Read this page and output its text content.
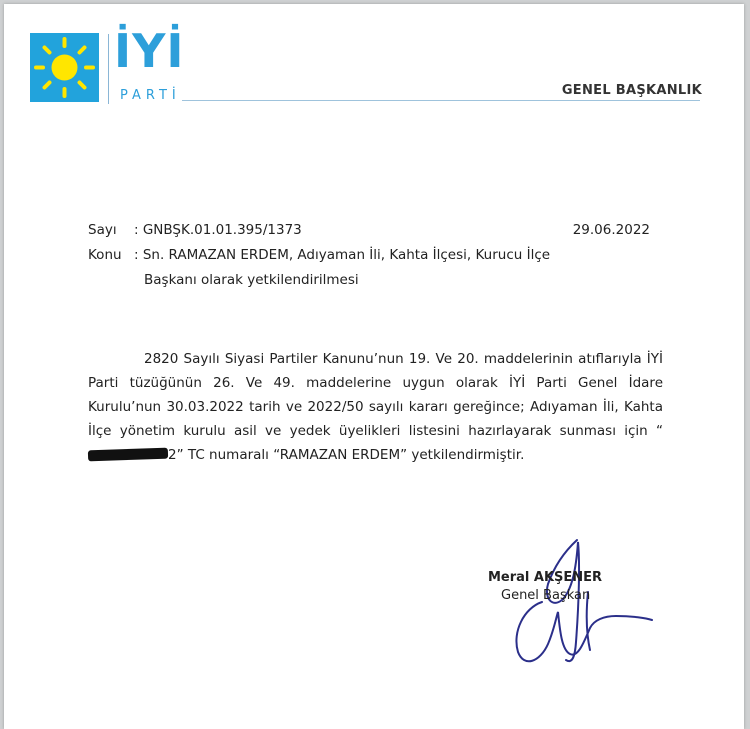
İYİ
PARTİ	GENEL BAŞKANLIK
Sayı : GNBŞK.01.01.395/1373	29.06.2022
Konu : Sn. RAMAZAN ERDEM, Adıyaman İli, Kahta İlçesi, Kurucu İlçe
Başkanı olarak yetkilendirilmesi

2820 Sayılı Siyasi Partiler Kanunu’nun 19. Ve 20. maddelerinin atıflarıyla İYİ Parti tüzüğünün 26. Ve 49. maddelerine uygun olarak İYİ Parti Genel İdare Kurulu’nun 30.03.2022 tarih ve 2022/50 sayılı kararı gereğince; Adıyaman İli, Kahta İlçe yönetim kurulu asil ve yedek üyelikleri listesini hazırlayarak sunması için “2” TC numaralı “RAMAZAN ERDEM” yetkilendirmiştir.

Meral AKŞENER
Genel Başkan
